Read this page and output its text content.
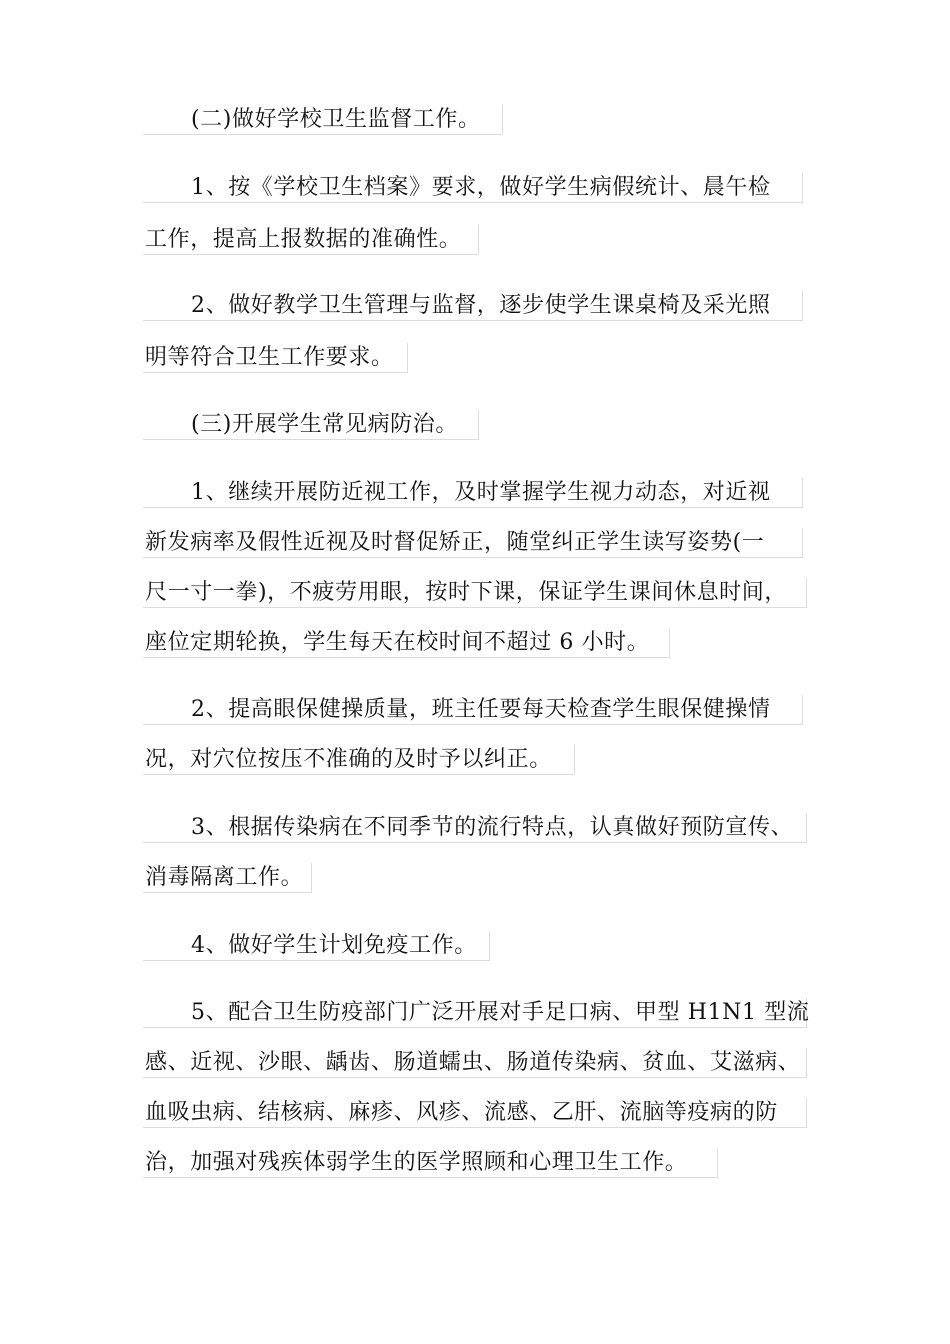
(二)做好学校卫生监督工作。
1、按《学校卫生档案》要求，做好学生病假统计、晨午检
工作，提高上报数据的准确性。
2、做好教学卫生管理与监督，逐步使学生课桌椅及采光照
明等符合卫生工作要求。
(三)开展学生常见病防治。
1、继续开展防近视工作，及时掌握学生视力动态，对近视
新发病率及假性近视及时督促矫正，随堂纠正学生读写姿势(一
尺一寸一拳)，不疲劳用眼，按时下课，保证学生课间休息时间，
座位定期轮换，学生每天在校时间不超过 6 小时。
2、提高眼保健操质量，班主任要每天检查学生眼保健操情
况，对穴位按压不准确的及时予以纠正。
3、根据传染病在不同季节的流行特点，认真做好预防宣传、
消毒隔离工作。
4、做好学生计划免疫工作。
5、配合卫生防疫部门广泛开展对手足口病、甲型 H1N1 型流
感、近视、沙眼、龋齿、肠道蠕虫、肠道传染病、贫血、艾滋病、
血吸虫病、结核病、麻疹、风疹、流感、乙肝、流脑等疫病的防
治，加强对残疾体弱学生的医学照顾和心理卫生工作。
